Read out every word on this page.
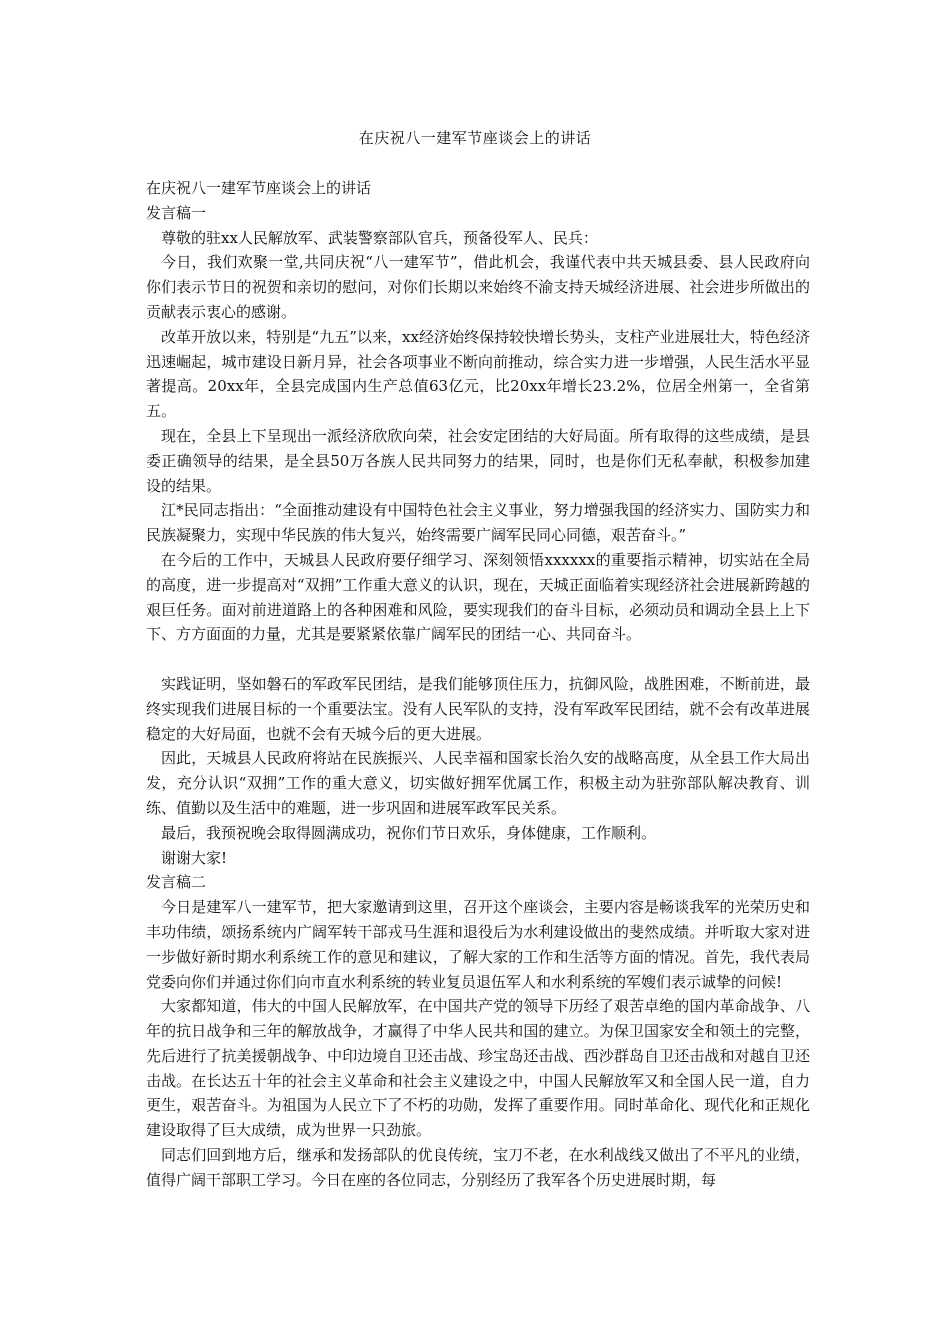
在庆祝八一建军节座谈会上的讲话

在庆祝八一建军节座谈会上的讲话

发言稿一

尊敬的驻xx人民解放军、武装警察部队官兵，预备役军人、民兵：

今日，我们欢聚一堂,共同庆祝“八一建军节”，借此机会，我谨代表中共天城县委、县人民政府向你们表示节日的祝贺和亲切的慰问，对你们长期以来始终不渝支持天城经济进展、社会进步所做出的贡献表示衷心的感谢。

改革开放以来，特别是“九五”以来，xx经济始终保持较快增长势头，支柱产业进展壮大，特色经济迅速崛起，城市建设日新月异，社会各项事业不断向前推动，综合实力进一步增强，人民生活水平显著提高。20xx年，全县完成国内生产总值63亿元，比20xx年增长23.2%，位居全州第一，全省第五。

现在，全县上下呈现出一派经济欣欣向荣，社会安定团结的大好局面。所有取得的这些成绩，是县委正确领导的结果，是全县50万各族人民共同努力的结果，同时，也是你们无私奉献，积极参加建设的结果。

江*民同志指出：“全面推动建设有中国特色社会主义事业，努力增强我国的经济实力、国防实力和民族凝聚力，实现中华民族的伟大复兴，始终需要广阔军民同心同德，艰苦奋斗。”

在今后的工作中，天城县人民政府要仔细学习、深刻领悟xxxxxx的重要指示精神，切实站在全局的高度，进一步提高对“双拥”工作重大意义的认识，现在，天城正面临着实现经济社会进展新跨越的艰巨任务。面对前进道路上的各种困难和风险，要实现我们的奋斗目标，必须动员和调动全县上上下下、方方面面的力量，尤其是要紧紧依靠广阔军民的团结一心、共同奋斗。

实践证明，坚如磐石的军政军民团结，是我们能够顶住压力，抗御风险，战胜困难，不断前进，最终实现我们进展目标的一个重要法宝。没有人民军队的支持，没有军政军民团结，就不会有改革进展稳定的大好局面，也就不会有天城今后的更大进展。

因此，天城县人民政府将站在民族振兴、人民幸福和国家长治久安的战略高度，从全县工作大局出发，充分认识“双拥”工作的重大意义，切实做好拥军优属工作，积极主动为驻弥部队解决教育、训练、值勤以及生活中的难题，进一步巩固和进展军政军民关系。

最后，我预祝晚会取得圆满成功，祝你们节日欢乐，身体健康，工作顺利。

谢谢大家!

发言稿二

今日是建军八一建军节，把大家邀请到这里，召开这个座谈会，主要内容是畅谈我军的光荣历史和丰功伟绩，颂扬系统内广阔军转干部戎马生涯和退役后为水利建设做出的斐然成绩。并听取大家对进一步做好新时期水利系统工作的意见和建议，了解大家的工作和生活等方面的情况。首先，我代表局党委向你们并通过你们向市直水利系统的转业复员退伍军人和水利系统的军嫂们表示诚挚的问候!

大家都知道，伟大的中国人民解放军，在中国共产党的领导下历经了艰苦卓绝的国内革命战争、八年的抗日战争和三年的解放战争，才赢得了中华人民共和国的建立。为保卫国家安全和领土的完整，先后进行了抗美援朝战争、中印边境自卫还击战、珍宝岛还击战、西沙群岛自卫还击战和对越自卫还击战。在长达五十年的社会主义革命和社会主义建设之中，中国人民解放军又和全国人民一道，自力更生，艰苦奋斗。为祖国为人民立下了不朽的功勋，发挥了重要作用。同时革命化、现代化和正规化建设取得了巨大成绩，成为世界一只劲旅。

同志们回到地方后，继承和发扬部队的优良传统，宝刀不老，在水利战线又做出了不平凡的业绩，值得广阔干部职工学习。今日在座的各位同志，分别经历了我军各个历史进展时期，每
